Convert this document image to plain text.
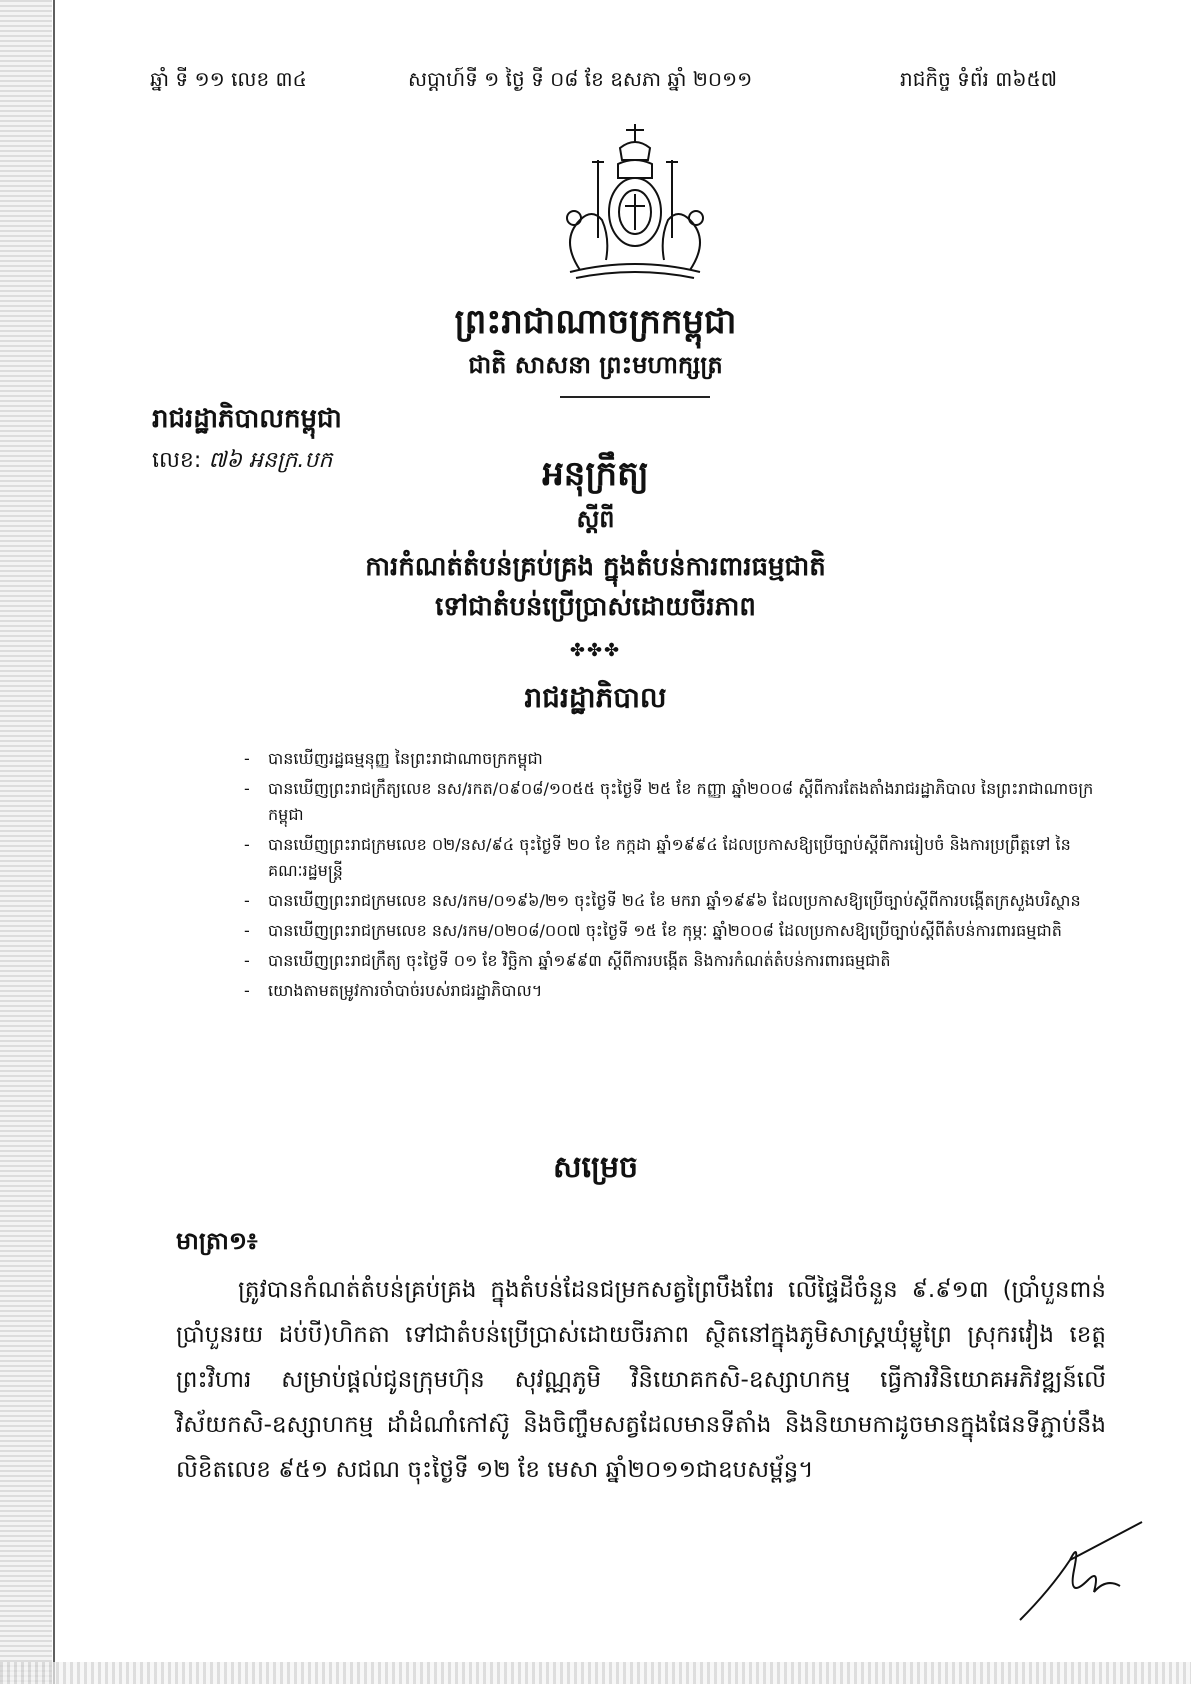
ឆ្នាំ ទី ១១ លេខ ៣៤	សប្តាហ៍ទី ១ ថ្ងៃ ទី ០៨ ខែ ឧសភា ឆ្នាំ ២០១១	រាជកិច្ច ទំព័រ ៣៦៥៧
ព្រះរាជាណាចក្រកម្ពុជា
ជាតិ សាសនា ព្រះមហាក្សត្រ
រាជរដ្ឋាភិបាលកម្ពុជា
លេខ: ៧៦ អនក្រ.បក	អនុក្រឹត្យ
ស្តីពី
ការកំណត់តំបន់គ្រប់គ្រង ក្នុងតំបន់ការពារធម្មជាតិ
ទៅជាតំបន់ប្រើប្រាស់ដោយចីរភាព
✤✤✤
រាជរដ្ឋាភិបាល
- បានឃើញរដ្ឋធម្មនុញ្ញ នៃព្រះរាជាណាចក្រកម្ពុជា
- បានឃើញព្រះរាជក្រឹត្យលេខ នស/រកត/០៩០៨/១០៥៥ ចុះថ្ងៃទី ២៥ ខែ កញ្ញា ឆ្នាំ២០០៨ ស្តីពីការតែងតាំងរាជរដ្ឋាភិបាល នៃព្រះរាជាណាចក្រកម្ពុជា
- បានឃើញព្រះរាជក្រមលេខ ០២/នស/៩៤ ចុះថ្ងៃទី ២០ ខែ កក្កដា ឆ្នាំ១៩៩៤ ដែលប្រកាសឱ្យប្រើច្បាប់ស្តីពីការរៀបចំ និងការប្រព្រឹត្តទៅ នៃគណៈរដ្ឋមន្ត្រី
- បានឃើញព្រះរាជក្រមលេខ នស/រកម/០១៩៦/២១ ចុះថ្ងៃទី ២៤ ខែ មករា ឆ្នាំ១៩៩៦ ដែលប្រកាសឱ្យប្រើច្បាប់ស្តីពីការបង្កើតក្រសួងបរិស្ថាន
- បានឃើញព្រះរាជក្រមលេខ នស/រកម/០២០៨/០០៧ ចុះថ្ងៃទី ១៥ ខែ កុម្ភៈ ឆ្នាំ២០០៨ ដែលប្រកាសឱ្យប្រើច្បាប់ស្តីពីតំបន់ការពារធម្មជាតិ
- បានឃើញព្រះរាជក្រឹត្យ ចុះថ្ងៃទី ០១ ខែ វិច្ឆិកា ឆ្នាំ១៩៩៣ ស្តីពីការបង្កើត និងការកំណត់តំបន់ការពារធម្មជាតិ
- យោងតាមតម្រូវការចាំបាច់របស់រាជរដ្ឋាភិបាល។
សម្រេច
មាត្រា១៖

ត្រូវបានកំណត់តំបន់គ្រប់គ្រង ក្នុងតំបន់ដែនជម្រកសត្វព្រៃបឹងពែរ លើផ្ទៃដីចំនួន ៩.៩១៣ (ប្រាំបួនពាន់ ប្រាំបួនរយ ដប់បី)ហិកតា ទៅជាតំបន់ប្រើប្រាស់ដោយចីរភាព ស្ថិតនៅក្នុងភូមិសាស្ត្រឃុំម្លូព្រៃ ស្រុករវៀង ខេត្តព្រះវិហារ សម្រាប់ផ្តល់ជូនក្រុមហ៊ុន សុវណ្ណភូមិ វិនិយោគកសិ-ឧស្សាហកម្ម ធ្វើការវិនិយោគអភិវឌ្ឍន៍លើវិស័យកសិ-ឧស្សាហកម្ម ដាំដំណាំកៅស៊ូ និងចិញ្ចឹមសត្វដែលមានទីតាំង និងនិយាមកាដូចមានក្នុងផែនទីភ្ជាប់នឹងលិខិតលេខ ៩៥១ សជណ ចុះថ្ងៃទី ១២ ខែ មេសា ឆ្នាំ២០១១ជាឧបសម្ព័ន្ធ។
